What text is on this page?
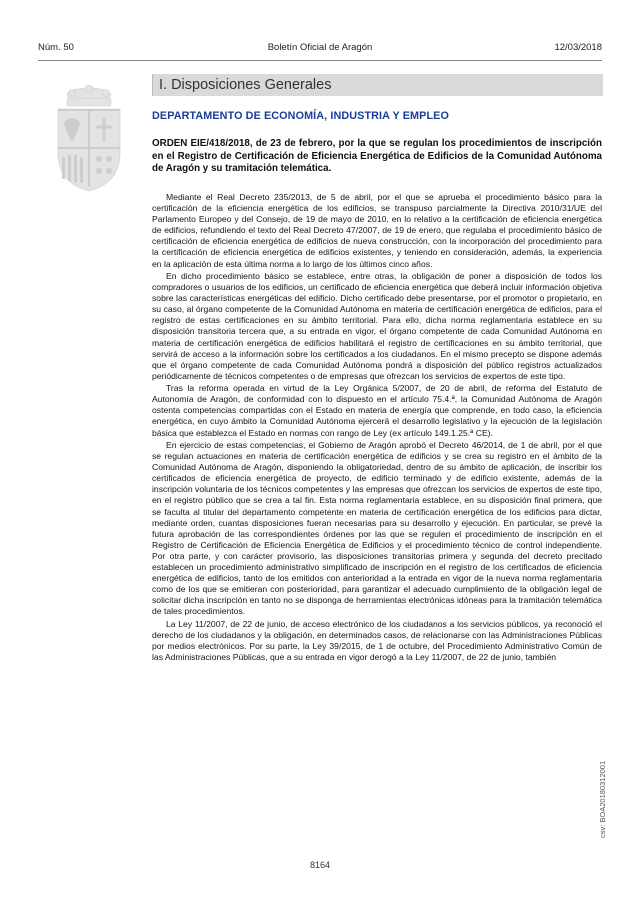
Núm. 50	Boletín Oficial de Aragón	12/03/2018
I. Disposiciones Generales
DEPARTAMENTO DE ECONOMÍA, INDUSTRIA Y EMPLEO

ORDEN EIE/418/2018, de 23 de febrero, por la que se regulan los procedimientos de inscripción en el Registro de Certificación de Eficiencia Energética de Edificios de la Comunidad Autónoma de Aragón y su tramitación telemática.

Mediante el Real Decreto 235/2013, de 5 de abril, por el que se aprueba el procedimiento básico para la certificación de la eficiencia energética de los edificios, se transpuso parcialmente la Directiva 2010/31/UE del Parlamento Europeo y del Consejo, de 19 de mayo de 2010, en lo relativo a la certificación de eficiencia energética de edificios, refundiendo el texto del Real Decreto 47/2007, de 19 de enero, que regulaba el procedimiento básico de certificación de eficiencia energética de edificios de nueva construcción, con la incorporación del procedimiento para la certificación de eficiencia energética de edificios existentes, y teniendo en consideración, además, la experiencia en la aplicación de esta última norma a lo largo de los últimos cinco años.

En dicho procedimiento básico se establece, entre otras, la obligación de poner a disposición de todos los compradores o usuarios de los edificios, un certificado de eficiencia energética que deberá incluir información objetiva sobre las características energéticas del edificio. Dicho certificado debe presentarse, por el promotor o propietario, en su caso, al órgano competente de la Comunidad Autónoma en materia de certificación energética de edificios, para el registro de estas certificaciones en su ámbito territorial. Para ello, dicha norma reglamentaria establece en su disposición transitoria tercera que, a su entrada en vigor, el órgano competente de cada Comunidad Autónoma en materia de certificación energética de edificios habilitará el registro de certificaciones en su ámbito territorial, que servirá de acceso a la información sobre los certificados a los ciudadanos. En el mismo precepto se dispone además que el órgano competente de cada Comunidad Autónoma pondrá a disposición del público registros actualizados periódicamente de técnicos competentes o de empresas que ofrezcan los servicios de expertos de este tipo.

Tras la reforma operada en virtud de la Ley Orgánica 5/2007, de 20 de abril, de reforma del Estatuto de Autonomía de Aragón, de conformidad con lo dispuesto en el artículo 75.4.ª, la Comunidad Autónoma de Aragón ostenta competencias compartidas con el Estado en materia de energía que comprende, en todo caso, la eficiencia energética, en cuyo ámbito la Comunidad Autónoma ejercerá el desarrollo legislativo y la ejecución de la legislación básica que establezca el Estado en normas con rango de Ley (ex artículo 149.1.25.ª CE).

En ejercicio de estas competencias, el Gobierno de Aragón aprobó el Decreto 46/2014, de 1 de abril, por el que se regulan actuaciones en materia de certificación energética de edificios y se crea su registro en el ámbito de la Comunidad Autónoma de Aragón, disponiendo la obligatoriedad, dentro de su ámbito de aplicación, de inscribir los certificados de eficiencia energética de proyecto, de edificio terminado y de edificio existente, además de la inscripción voluntaria de los técnicos competentes y las empresas que ofrezcan los servicios de expertos de este tipo, en el registro público que se crea a tal fin. Esta norma reglamentaria establece, en su disposición final primera, que se faculta al titular del departamento competente en materia de certificación energética de los edificios para dictar, mediante orden, cuantas disposiciones fueran necesarias para su desarrollo y ejecución. En particular, se prevé la futura aprobación de las correspondientes órdenes por las que se regulen el procedimiento de inscripción en el Registro de Certificación de Eficiencia Energética de Edificios y el procedimiento técnico de control independiente. Por otra parte, y con carácter provisorio, las disposiciones transitorias primera y segunda del decreto precitado establecen un procedimiento administrativo simplificado de inscripción en el registro de los certificados de eficiencia energética de edificios, tanto de los emitidos con anterioridad a la entrada en vigor de la nueva norma reglamentaria como de los que se emitieran con posterioridad, para garantizar el adecuado cumplimiento de la obligación legal de solicitar dicha inscripción en tanto no se disponga de herramientas electrónicas idóneas para la tramitación telemática de tales procedimientos.

La Ley 11/2007, de 22 de junio, de acceso electrónico de los ciudadanos a los servicios públicos, ya reconoció el derecho de los ciudadanos y la obligación, en determinados casos, de relacionarse con las Administraciones Públicas por medios electrónicos. Por su parte, la Ley 39/2015, de 1 de octubre, del Procedimiento Administrativo Común de las Administraciones Públicas, que a su entrada en vigor derogó a la Ley 11/2007, de 22 de junio, también

8164
csv: BOA20180312001
